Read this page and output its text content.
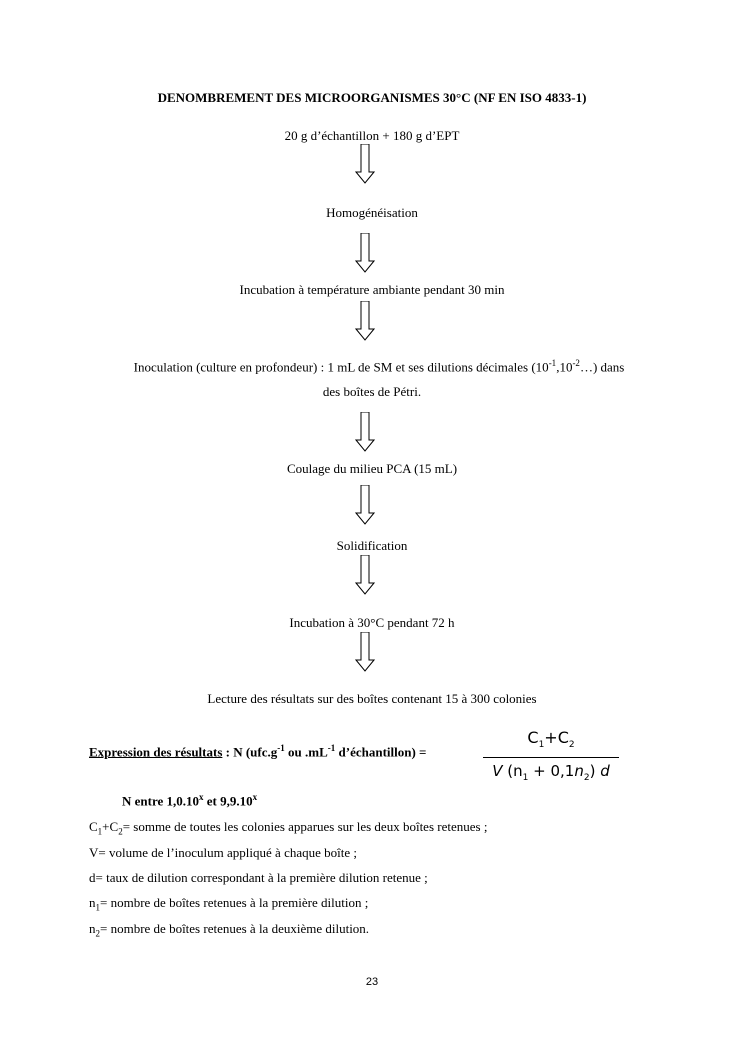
DENOMBREMENT DES MICROORGANISMES 30°C (NF EN ISO 4833-1)
20 g d’échantillon + 180 g d’EPT
Homogénéisation
Incubation à température ambiante pendant 30 min
Inoculation (culture en profondeur) : 1 mL de SM et ses dilutions décimales $(10^{-1},10^{-2}\dots)$ dans
des boîtes de Pétri.
Coulage du milieu PCA (15 mL)
Solidification
Incubation à 30°C pendant 72 h
Lecture des résultats sur des boîtes contenant 15 à 300 colonies
Expression des résultats : N ($ufc.g^{-1}$ ou $.mL^{-1}$ d’échantillon) =
$C_1+C_2$
V $(n_1 + 0,1n_2)$ d
N entre 1,0.10$^x$ et 9,9.10$^x$
$C_1+C_2=$ somme de toutes les colonies apparues sur les deux boîtes retenues ;
V= volume de l’inoculum appliqué à chaque boîte ;
d= taux de dilution correspondant à la première dilution retenue ;
$n_1=$ nombre de boîtes retenues à la première dilution ;
$n_2=$ nombre de boîtes retenues à la deuxième dilution.
23
